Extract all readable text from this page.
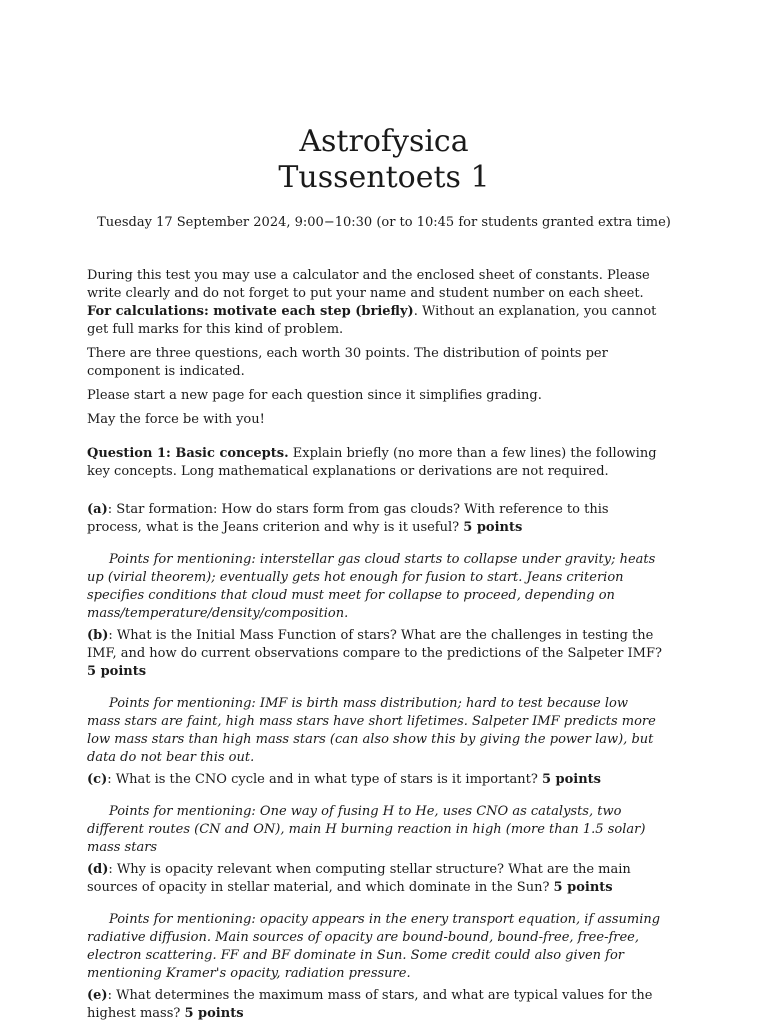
Astrofysica
Tussentoets 1
Tuesday 17 September 2024, 9:00−10:30 (or to 10:45 for students granted extra time)

During this test you may use a calculator and the enclosed sheet of constants. Please write clearly and do not forget to put your name and student number on each sheet. For calculations: motivate each step (briefly). Without an explanation, you cannot get full marks for this kind of problem.

There are three questions, each worth 30 points. The distribution of points per component is indicated.

Please start a new page for each question since it simplifies grading.

May the force be with you!

Question 1: Basic concepts. Explain briefly (no more than a few lines) the following key concepts. Long mathematical explanations or derivations are not required.

(a): Star formation: How do stars form from gas clouds? With reference to this process, what is the Jeans criterion and why is it useful? 5 points

Points for mentioning: interstellar gas cloud starts to collapse under gravity; heats up (virial theorem); eventually gets hot enough for fusion to start. Jeans criterion specifies conditions that cloud must meet for collapse to proceed, depending on mass/temperature/density/composition.

(b): What is the Initial Mass Function of stars? What are the challenges in testing the IMF, and how do current observations compare to the predictions of the Salpeter IMF? 5 points

Points for mentioning: IMF is birth mass distribution; hard to test because low mass stars are faint, high mass stars have short lifetimes. Salpeter IMF predicts more low mass stars than high mass stars (can also show this by giving the power law), but data do not bear this out.

(c): What is the CNO cycle and in what type of stars is it important? 5 points

Points for mentioning: One way of fusing H to He, uses CNO as catalysts, two different routes (CN and ON), main H burning reaction in high (more than 1.5 solar) mass stars

(d): Why is opacity relevant when computing stellar structure? What are the main sources of opacity in stellar material, and which dominate in the Sun? 5 points

Points for mentioning: opacity appears in the enery transport equation, if assuming radiative diffusion. Main sources of opacity are bound-bound, bound-free, free-free, electron scattering. FF and BF dominate in Sun. Some credit could also given for mentioning Kramer's opacity, radiation pressure.

(e): What determines the maximum mass of stars, and what are typical values for the highest mass? 5 points
